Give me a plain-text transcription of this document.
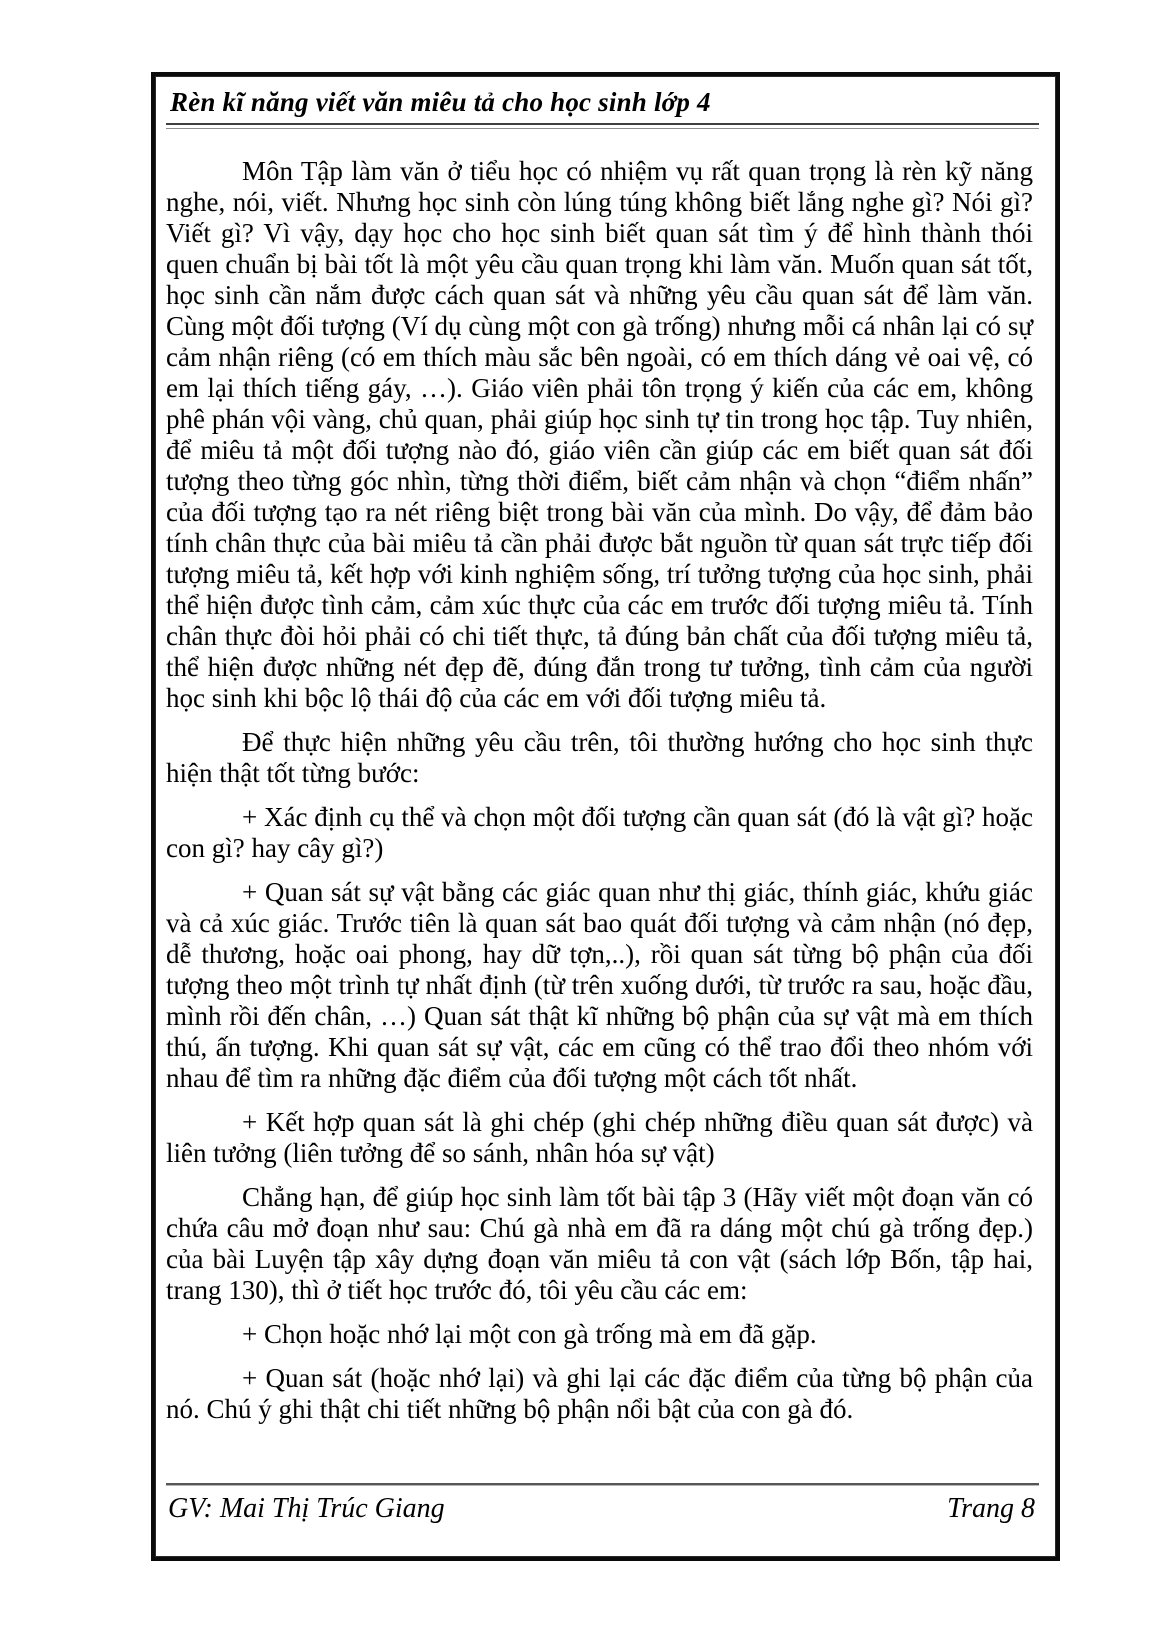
Rèn kĩ năng viết văn miêu tả cho học sinh lớp 4

Môn Tập làm văn ở tiểu học có nhiệm vụ rất quan trọng là rèn kỹ năng nghe, nói, viết. Nhưng học sinh còn lúng túng không biết lắng nghe gì? Nói gì? Viết gì? Vì vậy, dạy học cho học sinh biết quan sát tìm ý để hình thành thói quen chuẩn bị bài tốt là một yêu cầu quan trọng khi làm văn. Muốn quan sát tốt, học sinh cần nắm được cách quan sát và những yêu cầu quan sát để làm văn. Cùng một đối tượng (Ví dụ cùng một con gà trống) nhưng mỗi cá nhân lại có sự cảm nhận riêng (có em thích màu sắc bên ngoài, có em thích dáng vẻ oai vệ, có em lại thích tiếng gáy, …). Giáo viên phải tôn trọng ý kiến của các em, không phê phán vội vàng, chủ quan, phải giúp học sinh tự tin trong học tập. Tuy nhiên, để miêu tả một đối tượng nào đó, giáo viên cần giúp các em biết quan sát đối tượng theo từng góc nhìn, từng thời điểm, biết cảm nhận và chọn “điểm nhấn” của đối tượng tạo ra nét riêng biệt trong bài văn của mình. Do vậy, để đảm bảo tính chân thực của bài miêu tả cần phải được bắt nguồn từ quan sát trực tiếp đối tượng miêu tả, kết hợp với kinh nghiệm sống, trí tưởng tượng của học sinh, phải thể hiện được tình cảm, cảm xúc thực của các em trước đối tượng miêu tả. Tính chân thực đòi hỏi phải có chi tiết thực, tả đúng bản chất của đối tượng miêu tả, thể hiện được những nét đẹp đẽ, đúng đắn trong tư tưởng, tình cảm của người học sinh khi bộc lộ thái độ của các em với đối tượng miêu tả.

Để thực hiện những yêu cầu trên, tôi thường hướng cho học sinh thực hiện thật tốt từng bước:

+ Xác định cụ thể và chọn một đối tượng cần quan sát (đó là vật gì? hoặc con gì? hay cây gì?)

+ Quan sát sự vật bằng các giác quan như thị giác, thính giác, khứu giác và cả xúc giác. Trước tiên là quan sát bao quát đối tượng và cảm nhận (nó đẹp, dễ thương, hoặc oai phong, hay dữ tợn,..), rồi quan sát từng bộ phận của đối tượng theo một trình tự nhất định (từ trên xuống dưới, từ trước ra sau, hoặc đầu, mình rồi đến chân, …) Quan sát thật kĩ những bộ phận của sự vật mà em thích thú, ấn tượng. Khi quan sát sự vật, các em cũng có thể trao đổi theo nhóm với nhau để tìm ra những đặc điểm của đối tượng một cách tốt nhất.

+ Kết hợp quan sát là ghi chép (ghi chép những điều quan sát được) và liên tưởng (liên tưởng để so sánh, nhân hóa sự vật)

Chẳng hạn, để giúp học sinh làm tốt bài tập 3 (Hãy viết một đoạn văn có chứa câu mở đoạn như sau: Chú gà nhà em đã ra dáng một chú gà trống đẹp.) của bài Luyện tập xây dựng đoạn văn miêu tả con vật (sách lớp Bốn, tập hai, trang 130), thì ở tiết học trước đó, tôi yêu cầu các em:

+ Chọn hoặc nhớ lại một con gà trống mà em đã gặp.

+ Quan sát (hoặc nhớ lại) và ghi lại các đặc điểm của từng bộ phận của nó. Chú ý ghi thật chi tiết những bộ phận nổi bật của con gà đó.

GV: Mai Thị Trúc Giang	Trang 8
